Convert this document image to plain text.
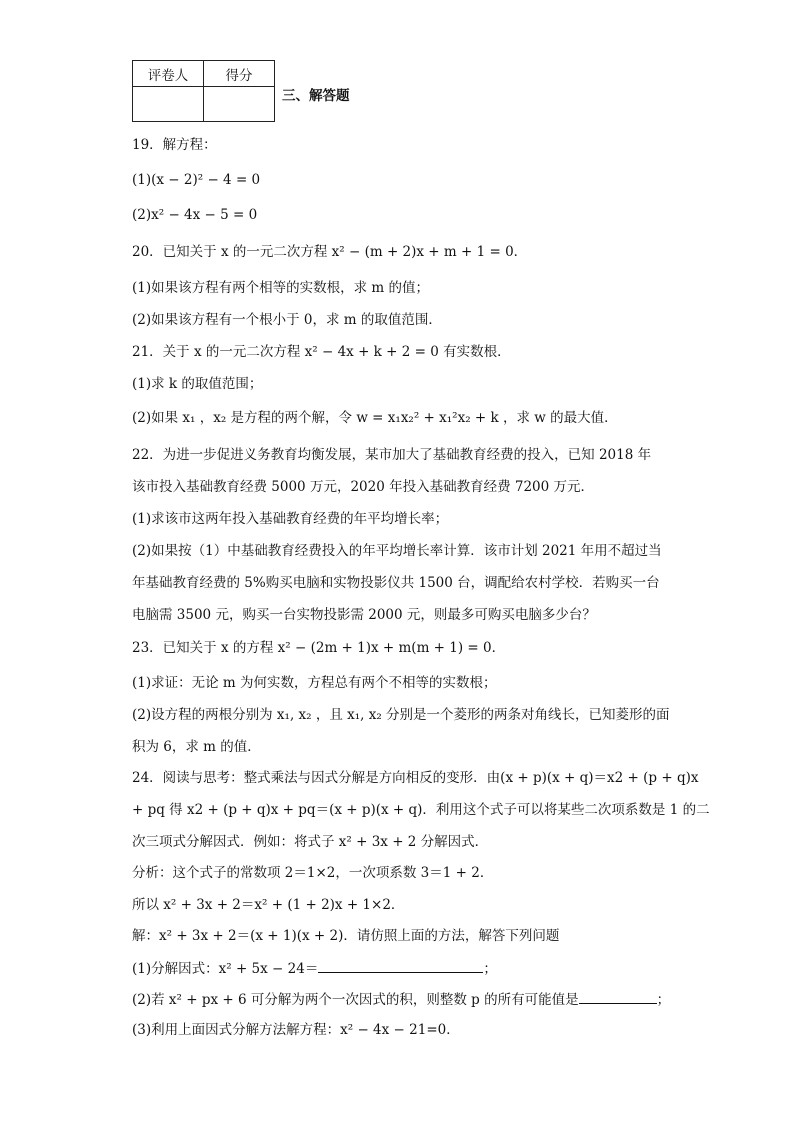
评卷人	得分

三、解答题
19．解方程：
(1)(x − 2)² − 4 = 0
(2)x² − 4x − 5 = 0
20．已知关于 x 的一元二次方程 x² − (m + 2)x + m + 1 = 0．
(1)如果该方程有两个相等的实数根，求 m 的值；
(2)如果该方程有一个根小于 0，求 m 的取值范围．
21．关于 x 的一元二次方程 x² − 4x + k + 2 = 0 有实数根．
(1)求 k 的取值范围；
(2)如果 x₁ ，x₂ 是方程的两个解，令 w = x₁x₂² + x₁²x₂ + k ，求 w 的最大值．
22．为进一步促进义务教育均衡发展，某市加大了基础教育经费的投入，已知 2018 年
该市投入基础教育经费 5000 万元，2020 年投入基础教育经费 7200 万元．
(1)求该市这两年投入基础教育经费的年平均增长率；
(2)如果按（1）中基础教育经费投入的年平均增长率计算．该市计划 2021 年用不超过当
年基础教育经费的 5%购买电脑和实物投影仪共 1500 台，调配给农村学校．若购买一台
电脑需 3500 元，购买一台实物投影需 2000 元，则最多可购买电脑多少台？
23．已知关于 x 的方程 x² − (2m + 1)x + m(m + 1) = 0．
(1)求证：无论 m 为何实数，方程总有两个不相等的实数根；
(2)设方程的两根分别为 x₁, x₂ ，且 x₁, x₂ 分别是一个菱形的两条对角线长，已知菱形的面
积为 6，求 m 的值．
24．阅读与思考：整式乘法与因式分解是方向相反的变形．由(x + p)(x + q)＝x2 + (p + q)x
+ pq 得 x2 + (p + q)x + pq＝(x + p)(x + q)．利用这个式子可以将某些二次项系数是 1 的二
次三项式分解因式．例如：将式子 x² + 3x + 2 分解因式．
分析：这个式子的常数项 2＝1×2，一次项系数 3＝1 + 2．
所以 x² + 3x + 2＝x² + (1 + 2)x + 1×2．
解：x² + 3x + 2＝(x + 1)(x + 2)．请仿照上面的方法，解答下列问题
(1)分解因式：x² + 5x − 24＝	；
(2)若 x² + px + 6 可分解为两个一次因式的积，则整数 p 的所有可能值是	；
(3)利用上面因式分解方法解方程：x² − 4x − 21=0．
